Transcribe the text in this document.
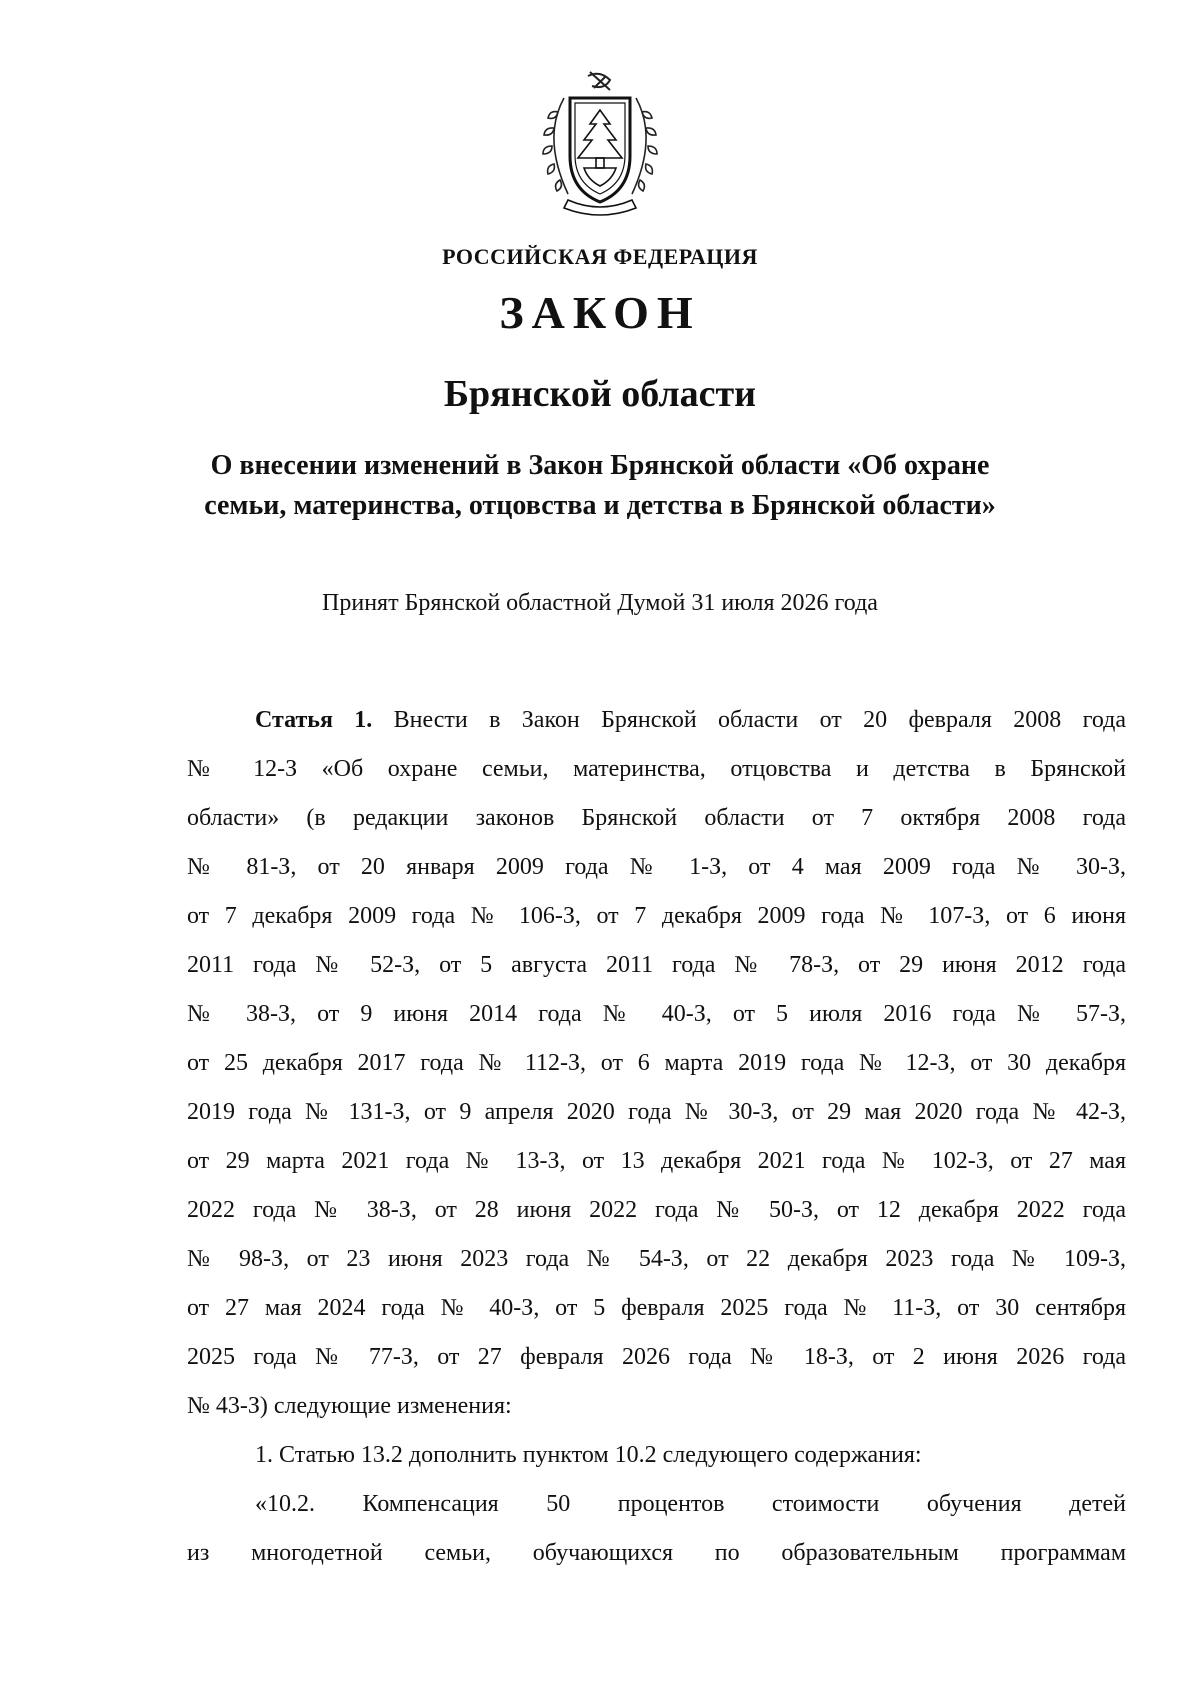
РОССИЙСКАЯ ФЕДЕРАЦИЯ
ЗАКОН
Брянской области
О внесении изменений в Закон Брянской области «Об охране
семьи, материнства, отцовства и детства в Брянской области»
Принят Брянской областной Думой 31 июля 2026 года
Статья 1. Внести в Закон Брянской области от 20 февраля 2008 года
№ 12-З «Об охране семьи, материнства, отцовства и детства в Брянской
области» (в редакции законов Брянской области от 7 октября 2008 года
№ 81-З, от 20 января 2009 года № 1-З, от 4 мая 2009 года № 30-З,
от 7 декабря 2009 года № 106-З, от 7 декабря 2009 года № 107-З, от 6 июня
2011 года № 52-З, от 5 августа 2011 года № 78-З, от 29 июня 2012 года
№ 38-З, от 9 июня 2014 года № 40-З, от 5 июля 2016 года № 57-З,
от 25 декабря 2017 года № 112-З, от 6 марта 2019 года № 12-З, от 30 декабря
2019 года № 131-З, от 9 апреля 2020 года № 30-З, от 29 мая 2020 года № 42-З,
от 29 марта 2021 года № 13-З, от 13 декабря 2021 года № 102-З, от 27 мая
2022 года № 38-З, от 28 июня 2022 года № 50-З, от 12 декабря 2022 года
№ 98-З, от 23 июня 2023 года № 54-З, от 22 декабря 2023 года № 109-З,
от 27 мая 2024 года № 40-З, от 5 февраля 2025 года № 11-З, от 30 сентября
2025 года № 77-З, от 27 февраля 2026 года № 18-З, от 2 июня 2026 года
№ 43-З) следующие изменения:
1. Статью 13.2 дополнить пунктом 10.2 следующего содержания:
«10.2. Компенсация 50 процентов стоимости обучения детей
из многодетной семьи, обучающихся по образовательным программам
